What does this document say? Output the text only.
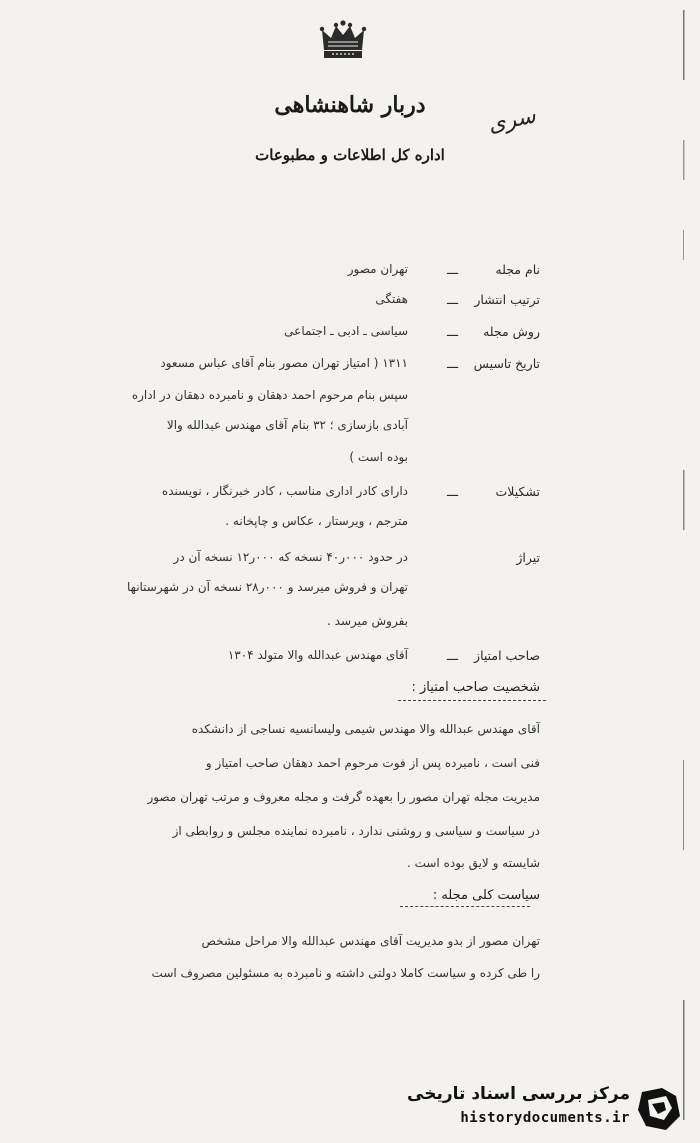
دربار شاهنشاهی
اداره کل اطلاعات و مطبوعات
سری
نام مجله
ـــ
تهران مصور
ترتیب انتشار
ـــ
هفتگی
روش مجله
ـــ
سیاسی ـ ادبی ـ اجتماعی
تاریخ تاسیس
ـــ
۱۳۱۱ ( امتیاز تهران مصور بنام آقای عباس مسعود
سپس بنام مرحوم احمد دهقان و نامبرده دهقان در اداره
آبادی بازسازی ؛ ۳۲ بنام آقای مهندس عبدالله والا
بوده است )
تشکیلات
ـــ
دارای کادر اداری مناسب ، کادر خبرنگار ، نویسنده
مترجم ، ویرستار ، عکاس و چاپخانه .
تیراژ
در حدود ۰۰۰ر۴۰ نسخه که ۰۰۰ر۱۲ نسخه آن در
تهران و فروش میرسد و ۰۰۰ر۲۸ نسخه آن در شهرستانها
بفروش میرسد .
صاحب امتیاز
ـــ
آقای مهندس عبدالله والا متولد ۱۳۰۴
شخصیت صاحب امتیاز :
آقای مهندس عبدالله والا مهندس شیمی ولیسانسیه نساجی از دانشکده
فنی است ، نامبرده پس از فوت مرحوم احمد دهقان صاحب امتیاز و
مدیریت مجله تهران مصور را بعهده گرفت و مجله معروف و مرتب تهران مصور
در سیاست و سیاسی و روشنی ندارد ، نامبرده نماینده مجلس و روابطی از
شایسته و لایق بوده است .
سیاست کلی مجله :
تهران مصور از بدو مدیریت آقای مهندس عبدالله والا مراحل مشخص
را طی کرده و سیاست کاملا دولتی داشته و نامبرده به مسئولین مصروف است
مرکز بررسی اسناد تاریخی
historydocuments.ir
